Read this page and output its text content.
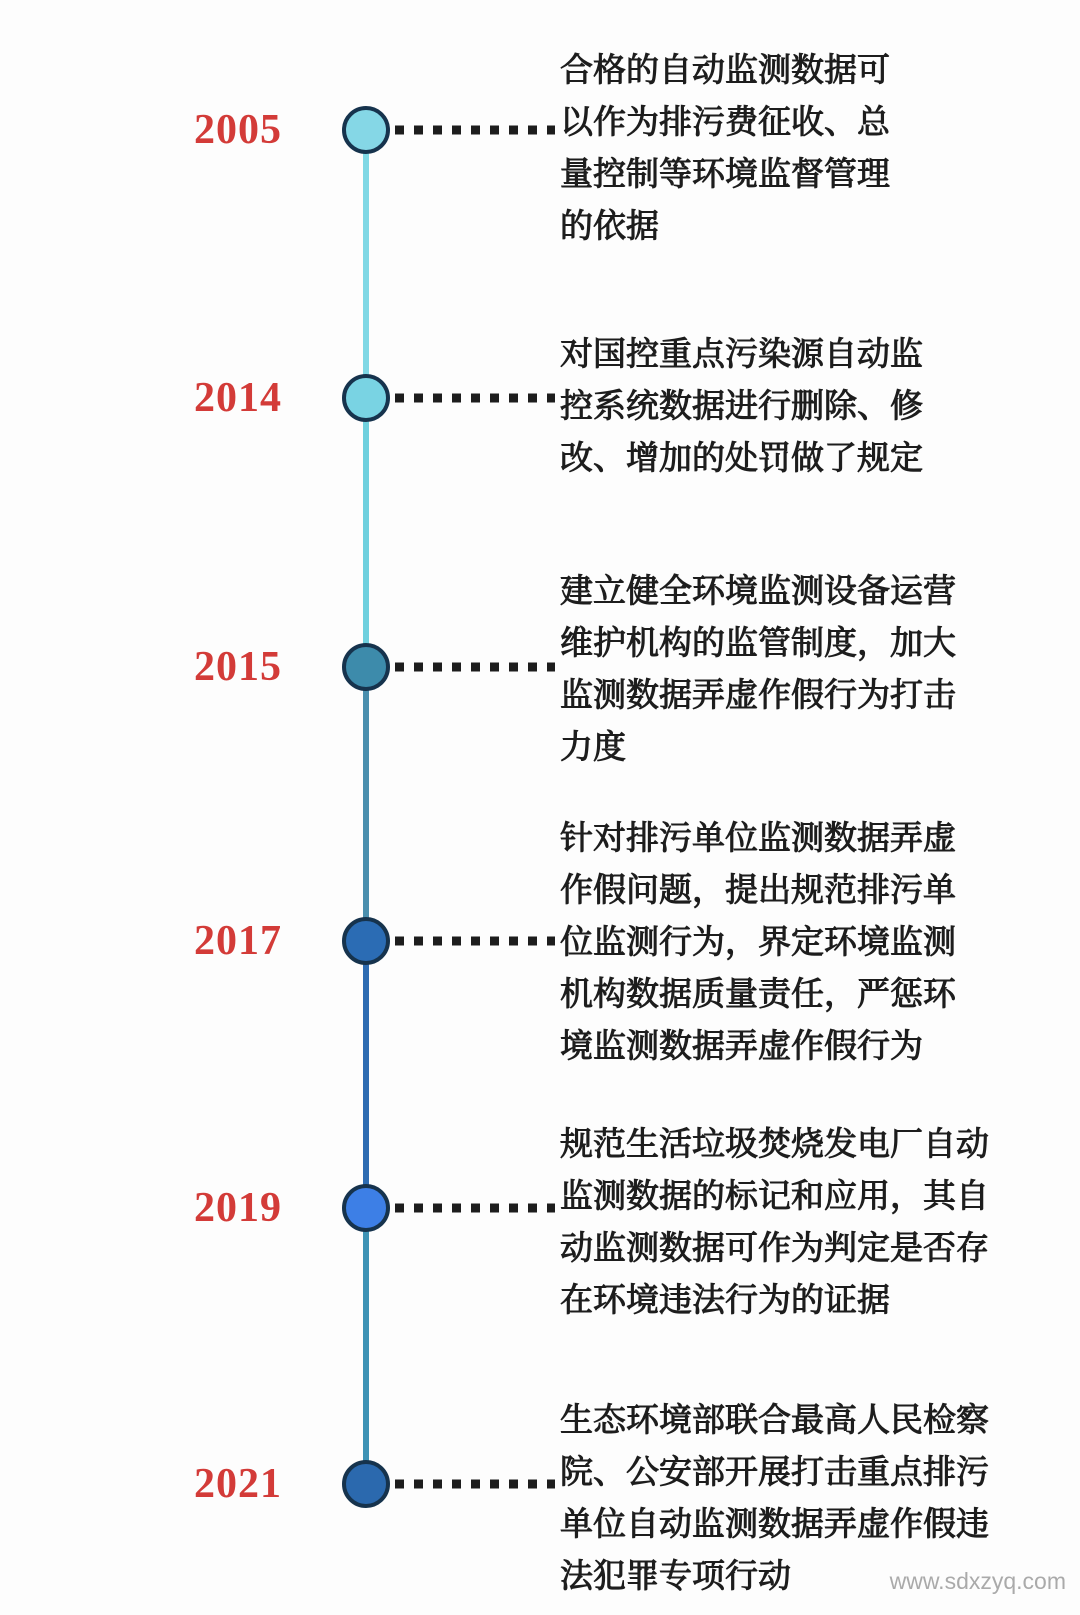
2005
合格的自动监测数据可以作为排污费征收、总量控制等环境监督管理的依据
2014
对国控重点污染源自动监控系统数据进行删除、修改、增加的处罚做了规定
2015
建立健全环境监测设备运营维护机构的监管制度，加大监测数据弄虚作假行为打击力度
2017
针对排污单位监测数据弄虚作假问题，提出规范排污单位监测行为，界定环境监测机构数据质量责任，严惩环境监测数据弄虚作假行为
2019
规范生活垃圾焚烧发电厂自动监测数据的标记和应用，其自动监测数据可作为判定是否存在环境违法行为的证据
2021
生态环境部联合最高人民检察院、公安部开展打击重点排污单位自动监测数据弄虚作假违法犯罪专项行动	www.sdxzyq.com
